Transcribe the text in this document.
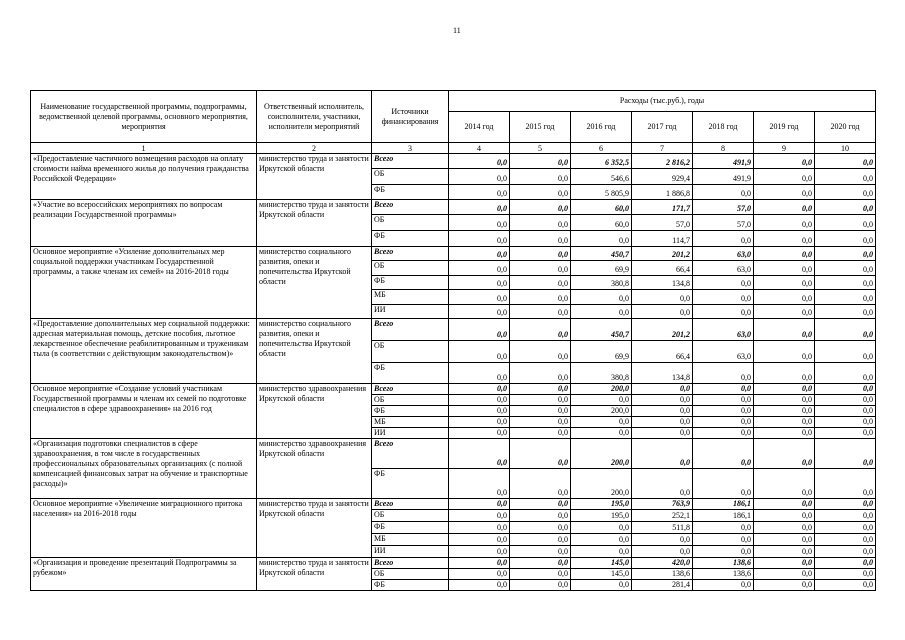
11
Наименование государственной программы, подпрограммы, ведомственной целевой программы, основного мероприятия, мероприятия	Ответственный исполнитель, соисполнители, участники, исполнители мероприятий	Источники финансирования	Расходы (тыс.руб.), годы						
			2014 год	2015 год	2016 год	2017 год	2018 год	2019 год	2020 год
1	2	3	4	5	6	7	8	9	10
«Предоставление частичного возмещения расходов на оплату стоимости найма временного жилья до получения гражданства Российской Федерации»	министерство труда и занятости Иркутской области	Всего	0,0	0,0	6 352,5	2 816,2	491,9	0,0	0,0
		ОБ	0,0	0,0	546,6	929,4	491,9	0,0	0,0
		ФБ	0,0	0,0	5 805,9	1 886,8	0,0	0,0	0,0
«Участие во всероссийских мероприятиях по вопросам реализации Государственной программы»	министерство труда и занятости Иркутской области	Всего	0,0	0,0	60,0	171,7	57,0	0,0	0,0
		ОБ	0,0	0,0	60,0	57,0	57,0	0,0	0,0
		ФБ	0,0	0,0	0,0	114,7	0,0	0,0	0,0
Основное мероприятие «Усиление дополнительных мер социальной поддержки участникам Государственной программы, а также членам их семей» на 2016-2018 годы	министерство социального развития, опеки и попечительства Иркутской области	Всего	0,0	0,0	450,7	201,2	63,0	0,0	0,0
		ОБ	0,0	0,0	69,9	66,4	63,0	0,0	0,0
		ФБ	0,0	0,0	380,8	134,8	0,0	0,0	0,0
		МБ	0,0	0,0	0,0	0,0	0,0	0,0	0,0
		ИИ	0,0	0,0	0,0	0,0	0,0	0,0	0,0
«Предоставление дополнительных мер социальной поддержки: адресная материальная помощь, детские пособия, льготное лекарственное обеспечение реабилитированным и труженикам тыла (в соответствии с действующим законодательством)»	министерство социального развития, опеки и попечительства Иркутской области	Всего	0,0	0,0	450,7	201,2	63,0	0,0	0,0
		ОБ	0,0	0,0	69,9	66,4	63,0	0,0	0,0
		ФБ	0,0	0,0	380,8	134,8	0,0	0,0	0,0
Основное мероприятие «Создание условий участникам Государственной программы и членам их семей по подготовке специалистов в сфере здравоохранения» на 2016 год	министерство здравоохранения Иркутской области	Всего	0,0	0,0	200,0	0,0	0,0	0,0	0,0
		ОБ	0,0	0,0	0,0	0,0	0,0	0,0	0,0
		ФБ	0,0	0,0	200,0	0,0	0,0	0,0	0,0
		МБ	0,0	0,0	0,0	0,0	0,0	0,0	0,0
		ИИ	0,0	0,0	0,0	0,0	0,0	0,0	0,0
«Организация подготовки специалистов в сфере здравоохранения, в том числе в государственных профессиональных образовательных организациях (с полной компенсацией финансовых затрат на обучение и транспортные расходы)»	министерство здравоохранения Иркутской области	Всего	0,0	0,0	200,0	0,0	0,0	0,0	0,0
		ФБ	0,0	0,0	200,0	0,0	0,0	0,0	0,0
Основное мероприятие «Увеличение миграционного притока населения» на 2016-2018 годы	министерство труда и занятости Иркутской области	Всего	0,0	0,0	195,0	763,9	186,1	0,0	0,0
		ОБ	0,0	0,0	195,0	252,1	186,1	0,0	0,0
		ФБ	0,0	0,0	0,0	511,8	0,0	0,0	0,0
		МБ	0,0	0,0	0,0	0,0	0,0	0,0	0,0
		ИИ	0,0	0,0	0,0	0,0	0,0	0,0	0,0
«Организация и проведение презентаций Подпрограммы за рубежом»	министерство труда и занятости Иркутской области	Всего	0,0	0,0	145,0	420,0	138,6	0,0	0,0
		ОБ	0,0	0,0	145,0	138,6	138,6	0,0	0,0
		ФБ	0,0	0,0	0,0	281,4	0,0	0,0	0,0
